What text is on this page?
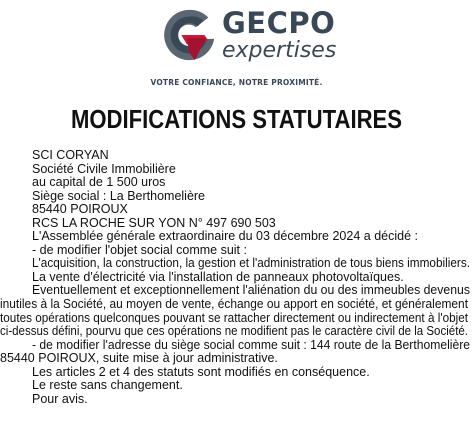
GECPO
expertises
VOTRE CONFIANCE, NOTRE PROXIMITÉ.
MODIFICATIONS STATUTAIRES
SCI CORYAN
Société Civile Immobilière
au capital de 1 500 uros
Siège social : La Berthomelière
85440 POIROUX
RCS LA ROCHE SUR YON N° 497 690 503
L'Assemblée générale extraordinaire du 03 décembre 2024 a décidé :
- de modifier l'objet social comme suit :
L'acquisition, la construction, la gestion et l'administration de tous biens immobiliers.
La vente d'électricité via l'installation de panneaux photovoltaïques.
Eventuellement et exceptionnellement l'aliénation du ou des immeubles devenus
inutiles à la Société, au moyen de vente, échange ou apport en société, et généralement
toutes opérations quelconques pouvant se rattacher directement ou indirectement à l'objet
ci-dessus défini, pourvu que ces opérations ne modifient pas le caractère civil de la Société.
- de modifier l'adresse du siège social comme suit : 144 route de la Berthomelière
85440 POIROUX, suite mise à jour administrative.
Les articles 2 et 4 des statuts sont modifiés en conséquence.
Le reste sans changement.
Pour avis.
